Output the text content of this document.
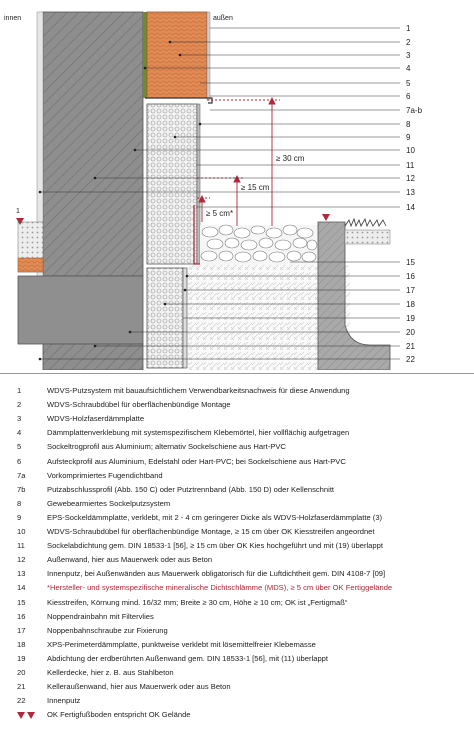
≥ 30 cm
≥ 15 cm
≥ 5 cm*
1
innen	außen
1
2
3
4
5
6
7a-b
8
9
10
11
12
13
14
15
16
17
18
19
20
21
22
1	WDVS-Putzsystem mit bauaufsichtlichem Verwendbarkeitsnachweis für diese Anwendung
2	WDVS-Schraubdübel für oberflächenbündige Montage
3	WDVS-Holzfaserdämmplatte
4	Dämmplattenverklebung mit systemspezifischem Klebemörtel, hier vollflächig aufgetragen
5	Sockeltrogprofil aus Aluminium; alternativ Sockelschiene aus Hart-PVC
6	Aufsteckprofil aus Aluminium, Edelstahl oder Hart-PVC; bei Sockelschiene aus Hart-PVC
7a	Vorkomprimiertes Fugendichtband
7b	Putzabschlussprofil (Abb. 150 C) oder Putztrennband (Abb. 150 D) oder Kellenschnitt
8	Gewebearmiertes Sockelputzsystem
9	EPS-Sockeldämmplatte, verklebt, mit 2 - 4 cm geringerer Dicke als WDVS-Holzfaserdämmplatte (3)
10	WDVS-Schraubdübel für oberflächenbündige Montage, ≥ 15 cm über OK Kiesstreifen angeordnet
11	Sockelabdichtung gem. DIN 18533-1 [56], ≥ 15 cm über OK Kies hochgeführt und mit (19) überlappt
12	Außenwand, hier aus Mauerwerk oder aus Beton
13	Innenputz, bei Außenwänden aus Mauerwerk obligatorisch für die Luftdichtheit gem. DIN 4108-7 [09]
14	*Hersteller- und systemspezifische mineralische Dichtschlämme (MDS), ≥ 5 cm über OK Fertiggelände
15	Kiesstreifen, Körnung mind. 16/32 mm; Breite ≥ 30 cm, Höhe ≥ 10 cm; OK ist „Fertigmaß“
16	Noppendrainbahn mit Filtervlies
17	Noppenbahnschraube zur Fixierung
18	XPS-Perimeterdämmplatte, punktweise verklebt mit lösemittelfreier Klebemasse
19	Abdichtung der erdberührten Außenwand gem. DIN 18533-1 [56], mit (11) überlappt
20	Kellerdecke, hier z. B. aus Stahlbeton
21	Kelleraußenwand, hier aus Mauerwerk oder aus Beton
22	Innenputz
OK Fertigfußboden entspricht OK Gelände
